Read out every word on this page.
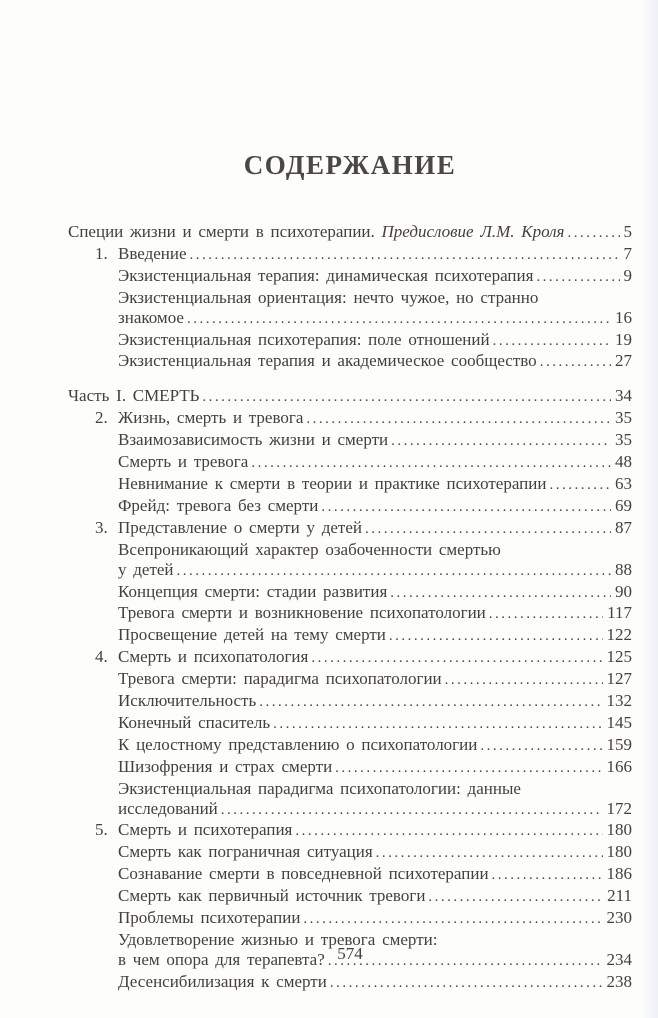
СОДЕРЖАНИЕ
Специи жизни и смерти в психотерапии. Предисловие Л.М. Кроля .....	5
1. Введение .....	7
Экзистенциальная терапия: динамическая психотерапия .....	9
Экзистенциальная ориентация: нечто чужое, но странно
знакомое .....	16
Экзистенциальная психотерапия: поле отношений .....	19
Экзистенциальная терапия и академическое сообщество .....	27
Часть I. СМЕРТЬ .....	34
2. Жизнь, смерть и тревога .....	35
Взаимозависимость жизни и смерти .....	35
Смерть и тревога .....	48
Невнимание к смерти в теории и практике психотерапии .....	63
Фрейд: тревога без смерти .....	69
3. Представление о смерти у детей .....	87
Всепроникающий характер озабоченности смертью
у детей .....	88
Концепция смерти: стадии развития .....	90
Тревога смерти и возникновение психопатологии .....	117
Просвещение детей на тему смерти .....	122
4. Смерть и психопатология .....	125
Тревога смерти: парадигма психопатологии .....	127
Исключительность .....	132
Конечный спаситель .....	145
К целостному представлению о психопатологии .....	159
Шизофрения и страх смерти .....	166
Экзистенциальная парадигма психопатологии: данные
исследований .....	172
5. Смерть и психотерапия .....	180
Смерть как пограничная ситуация .....	180
Сознавание смерти в повседневной психотерапии .....	186
Смерть как первичный источник тревоги .....	211
Проблемы психотерапии .....	230
Удовлетворение жизнью и тревога смерти:
в чем опора для терапевта? .....	234
Десенсибилизация к смерти .....	238
574
